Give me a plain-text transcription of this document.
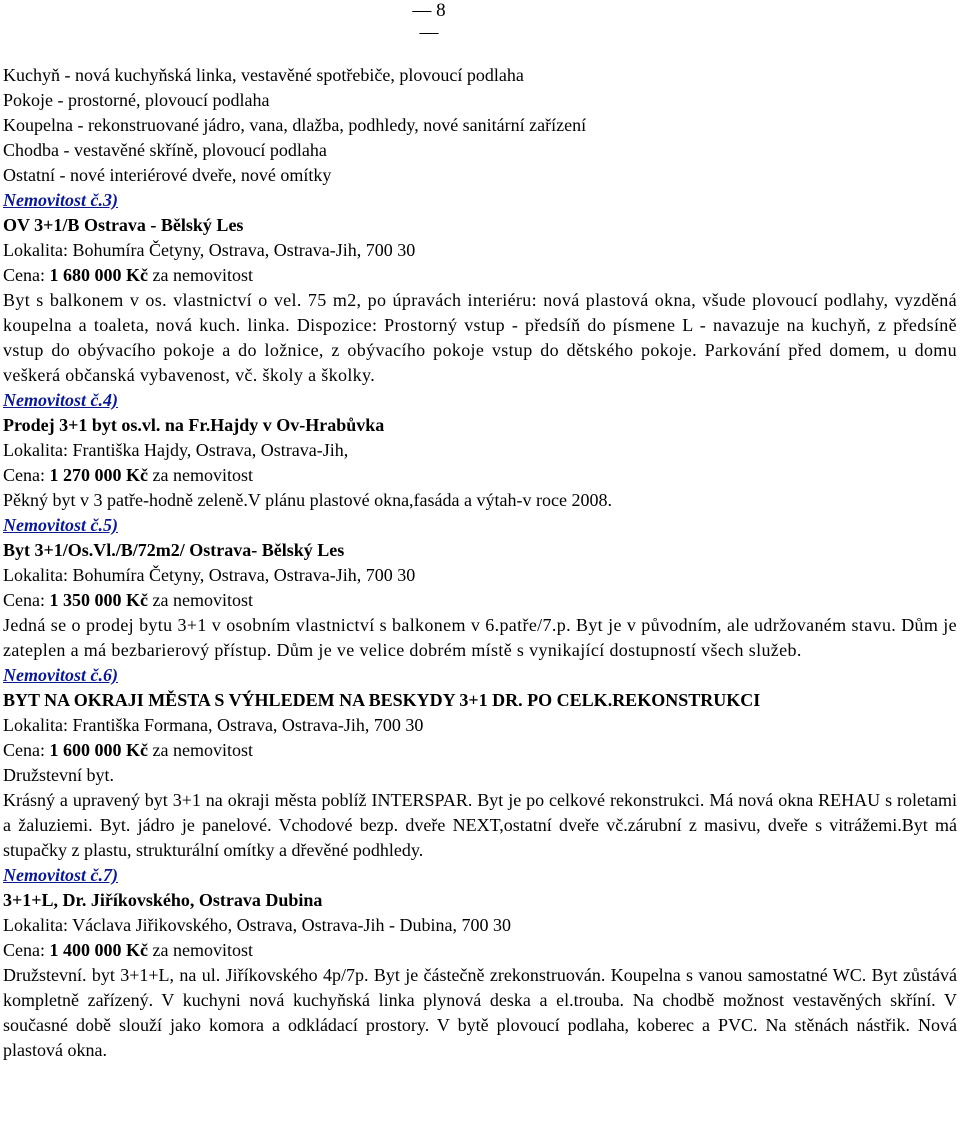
— 8 —
Kuchyň - nová kuchyňská linka, vestavěné spotřebiče, plovoucí podlaha
Pokoje - prostorné, plovoucí podlaha
Koupelna - rekonstruované jádro, vana, dlažba, podhledy, nové sanitární zařízení
Chodba - vestavěné skříně, plovoucí podlaha
Ostatní - nové interiérové dveře, nové omítky
Nemovitost č.3)
OV 3+1/B Ostrava - Bělský Les
Lokalita: Bohumíra Četyny, Ostrava, Ostrava-Jih, 700 30
Cena: 1 680 000 Kč za nemovitost
Byt s balkonem v os. vlastnictví o vel. 75 m2, po úpravách interiéru: nová plastová okna, všude plovoucí podlahy, vyzděná koupelna a toaleta, nová kuch. linka. Dispozice: Prostorný vstup - předsíň do písmene L - navazuje na kuchyň, z předsíně vstup do obývacího pokoje a do ložnice, z obývacího pokoje vstup do dětského pokoje. Parkování před domem, u domu veškerá občanská vybavenost, vč. školy a školky.
Nemovitost č.4)
Prodej 3+1 byt os.vl. na Fr.Hajdy v Ov-Hrabůvka
Lokalita: Františka Hajdy, Ostrava, Ostrava-Jih,
Cena: 1 270 000 Kč za nemovitost
Pěkný byt v 3 patře-hodně zeleně.V plánu plastové okna,fasáda a výtah-v roce 2008.
Nemovitost č.5)
Byt 3+1/Os.Vl./B/72m2/ Ostrava- Bělský Les
Lokalita: Bohumíra Četyny, Ostrava, Ostrava-Jih, 700 30
Cena: 1 350 000 Kč za nemovitost
Jedná se o prodej bytu 3+1 v osobním vlastnictví s balkonem v 6.patře/7.p. Byt je v původním, ale udržovaném stavu. Dům je zateplen a má bezbarierový přístup. Dům je ve velice dobrém místě s vynikající dostupností všech služeb.
Nemovitost č.6)
BYT NA OKRAJI MĚSTA S VÝHLEDEM NA BESKYDY 3+1 DR. PO CELK.REKONSTRUKCI
Lokalita: Františka Formana, Ostrava, Ostrava-Jih, 700 30
Cena: 1 600 000 Kč za nemovitost
Družstevní byt.
Krásný a upravený byt 3+1 na okraji města poblíž INTERSPAR. Byt je po celkové rekonstrukci. Má nová okna REHAU s roletami a žaluziemi. Byt. jádro je panelové. Vchodové bezp. dveře NEXT,ostatní dveře vč.zárubní z masivu, dveře s vitrážemi.Byt má stupačky z plastu, strukturální omítky a dřevěné podhledy.
Nemovitost č.7)
3+1+L, Dr. Jiříkovského, Ostrava Dubina
Lokalita: Václava Jiřikovského, Ostrava, Ostrava-Jih - Dubina, 700 30
Cena: 1 400 000 Kč za nemovitost
Družstevní. byt 3+1+L, na ul. Jiříkovského 4p/7p. Byt je částečně zrekonstruován. Koupelna s vanou samostatné WC. Byt zůstává kompletně zařízený. V kuchyni nová kuchyňská linka plynová deska a el.trouba. Na chodbě možnost vestavěných skříní. V současné době slouží jako komora a odkládací prostory. V bytě plovoucí podlaha, koberec a PVC. Na stěnách nástřik. Nová plastová okna.
